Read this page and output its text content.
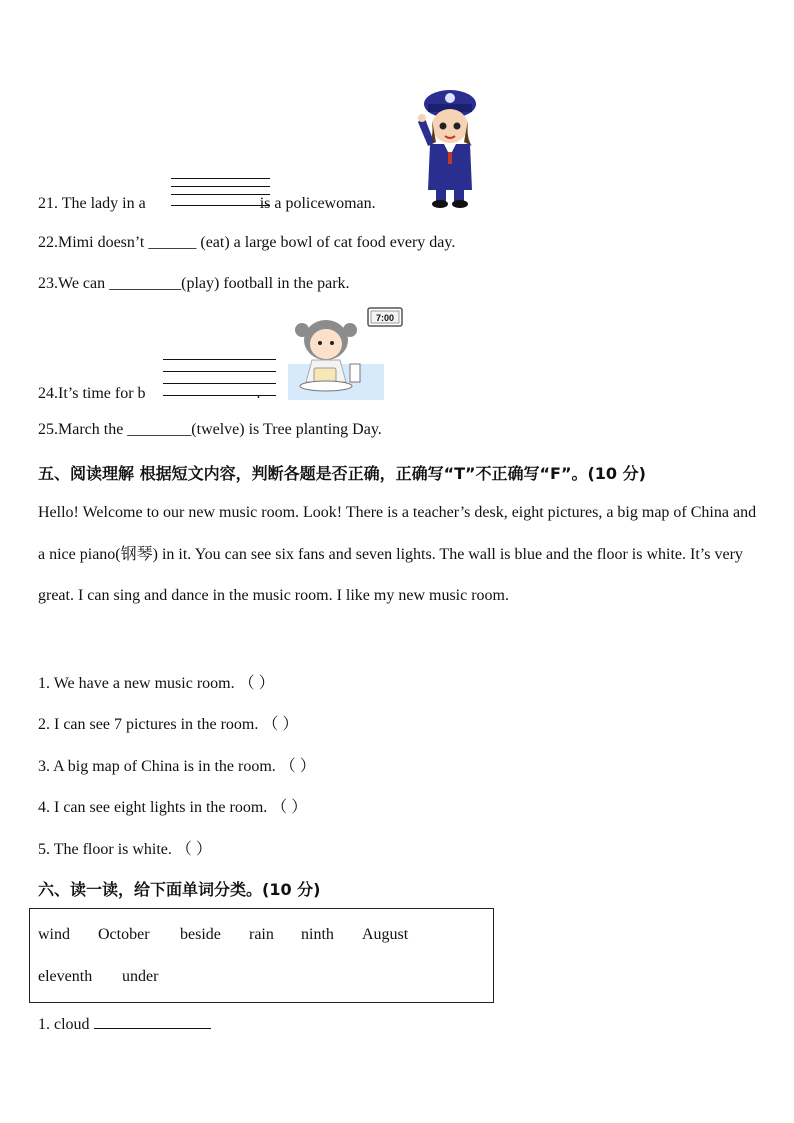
21. The lady in a	is a policewoman.
22.Mimi doesn’t ______ (eat) a large bowl of cat food every day.
23.We can _________(play) football in the park.
7:00
24.It’s time for b	.
25.March the ________(twelve) is Tree planting Day.
五、阅读理解 根据短文内容，判断各题是否正确，正确写“T”不正确写“F”。(10 分)
Hello! Welcome to our new music room. Look! There is a teacher’s desk, eight pictures, a big map of China and a nice piano(钢琴) in it. You can see six fans and seven lights. The wall is blue and the floor is white. It’s very great. I can sing and dance in the music room. I like my new music room.
1. We have a new music room. （ ）
2. I can see 7 pictures in the room. （ ）
3. A big map of China is in the room. （ ）
4. I can see eight lights in the room. （ ）
5. The floor is white. （ ）
六、读一读，给下面单词分类。(10 分)
wind October beside rain ninth August
eleventh under
1. cloud
